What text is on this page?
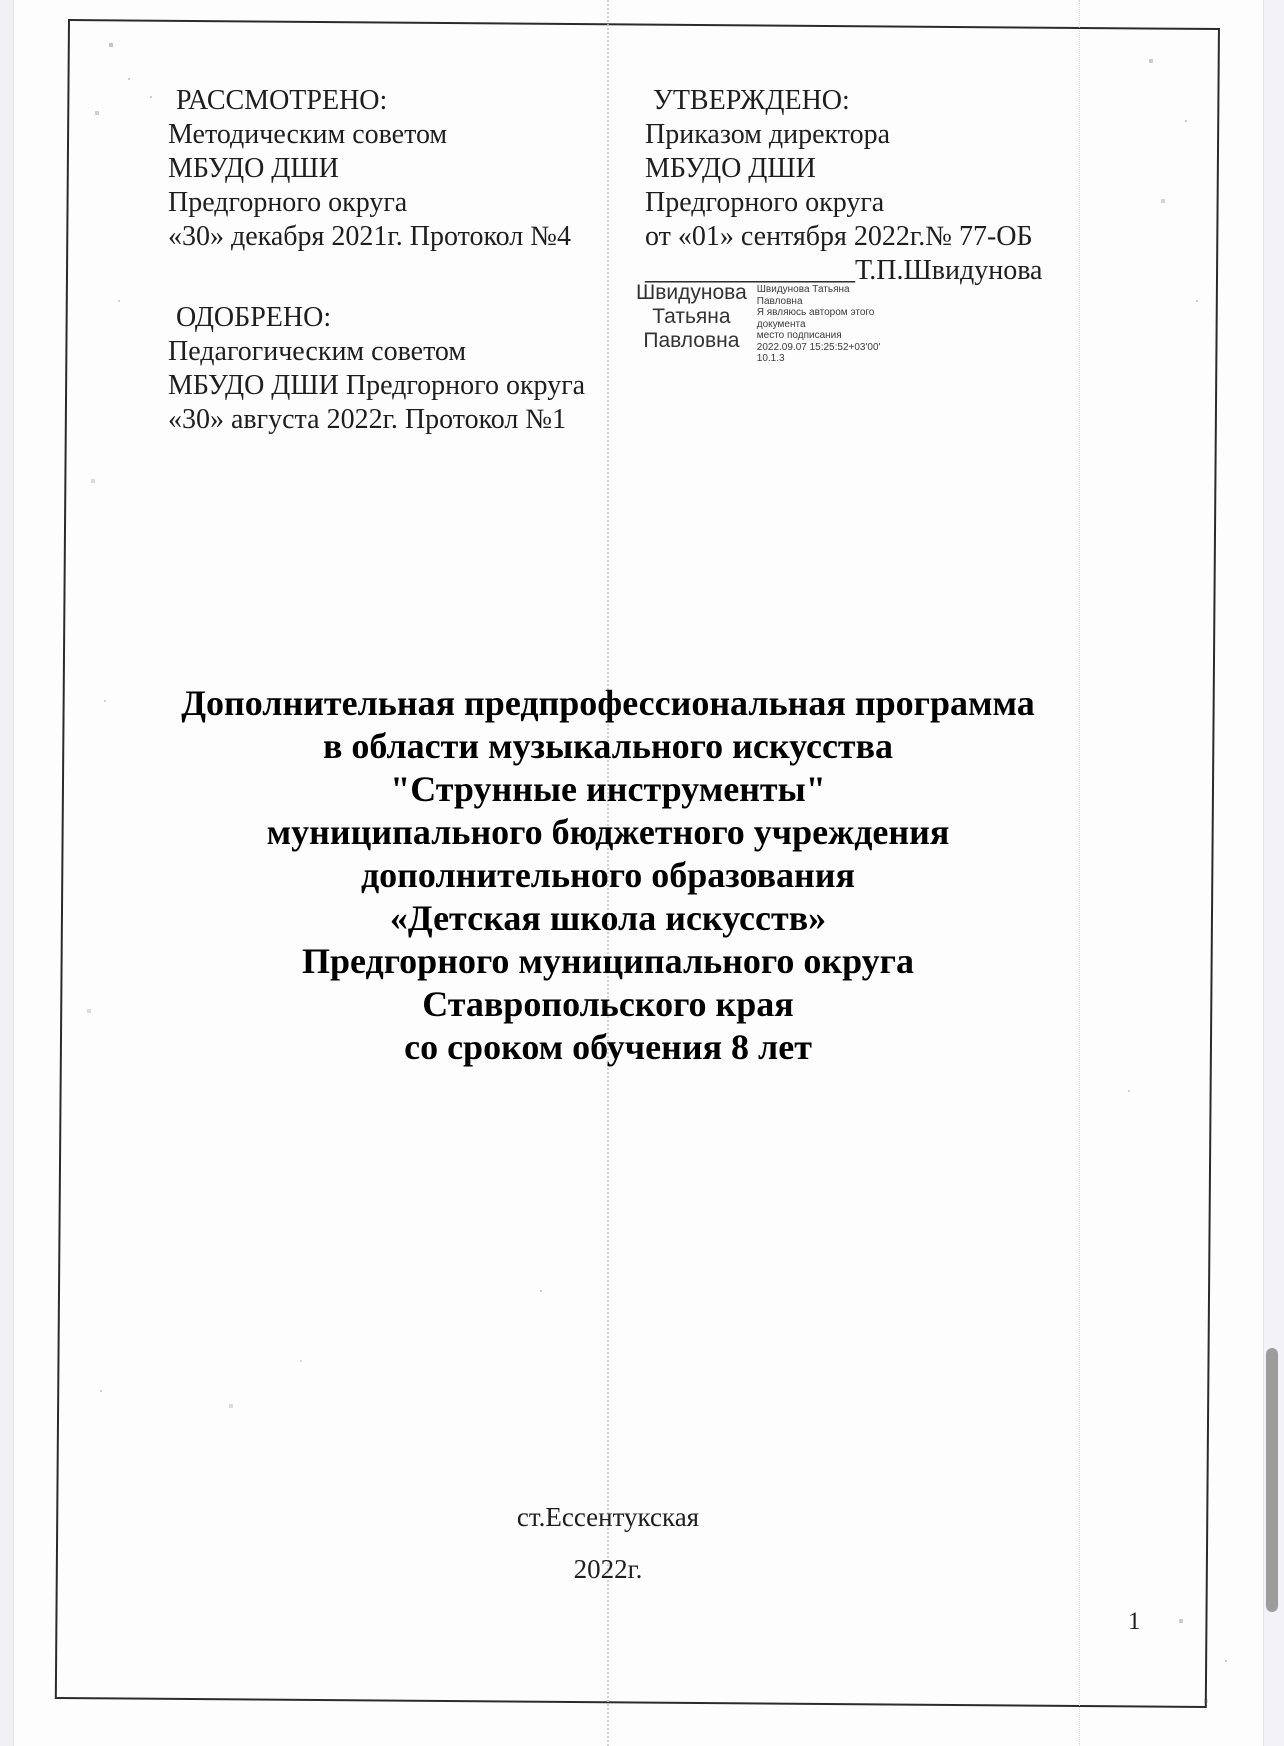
РАССМОТРЕНО:
Методическим советом
МБУДО ДШИ
Предгорного округа
«30» декабря 2021г. Протокол №4
УТВЕРЖДЕНО:
Приказом директора
МБУДО ДШИ
Предгорного округа
от «01» сентября 2022г.№ 77-ОБ
_______________Т.П.Швидунова
Швидунова
Татьяна
Павловна
Швидунова Татьяна
Павловна
Я являюсь автором этого
документа
место подписания
2022.09.07 15:25:52+03'00'
10.1.3
ОДОБРЕНО:
Педагогическим советом
МБУДО ДШИ Предгорного округа
«30» августа 2022г. Протокол №1
Дополнительная предпрофессиональная программа
в области музыкального искусства
"Струнные инструменты"
муниципального бюджетного учреждения
дополнительного образования
«Детская школа искусств»
Предгорного муниципального округа
Ставропольского края
со сроком обучения 8 лет
ст.Ессентукская
2022г.
1
